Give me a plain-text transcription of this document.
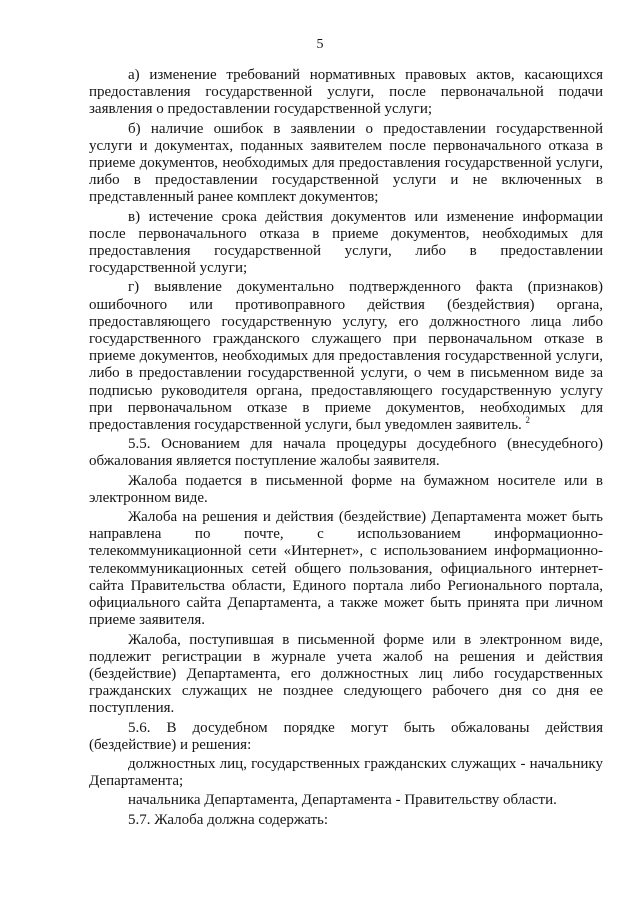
5

а) изменение требований нормативных правовых актов, касающихся предоставления государственной услуги, после первоначальной подачи заявления о предоставлении государственной услуги;

б) наличие ошибок в заявлении о предоставлении государственной услуги и документах, поданных заявителем после первоначального отказа в приеме документов, необходимых для предоставления государственной услуги, либо в предоставлении государственной услуги и не включенных в представленный ранее комплект документов;

в) истечение срока действия документов или изменение информации после первоначального отказа в приеме документов, необходимых для предоставления государственной услуги, либо в предоставлении государственной услуги;

г) выявление документально подтвержденного факта (признаков) ошибочного или противоправного действия (бездействия) органа, предоставляющего государственную услугу, его должностного лица либо государственного гражданского служащего при первоначальном отказе в приеме документов, необходимых для предоставления государственной услуги, либо в предоставлении государственной услуги, о чем в письменном виде за подписью руководителя органа, предоставляющего государственную услугу при первоначальном отказе в приеме документов, необходимых для предоставления государственной услуги, был уведомлен заявитель. $^2$

5.5. Основанием для начала процедуры досудебного (внесудебного) обжалования является поступление жалобы заявителя.

Жалоба подается в письменной форме на бумажном носителе или в электронном виде.

Жалоба на решения и действия (бездействие) Департамента может быть направлена по почте, с использованием информационно-телекоммуникационной сети «Интернет», с использованием информационно-телекоммуникационных сетей общего пользования, официального интернет-сайта Правительства области, Единого портала либо Регионального портала, официального сайта Департамента, а также может быть принята при личном приеме заявителя.

Жалоба, поступившая в письменной форме или в электронном виде, подлежит регистрации в журнале учета жалоб на решения и действия (бездействие) Департамента, его должностных лиц либо государственных гражданских служащих не позднее следующего рабочего дня со дня ее поступления.

5.6. В досудебном порядке могут быть обжалованы действия (бездействие) и решения:

должностных лиц, государственных гражданских служащих - начальнику Департамента;

начальника Департамента, Департамента - Правительству области.

5.7. Жалоба должна содержать:
